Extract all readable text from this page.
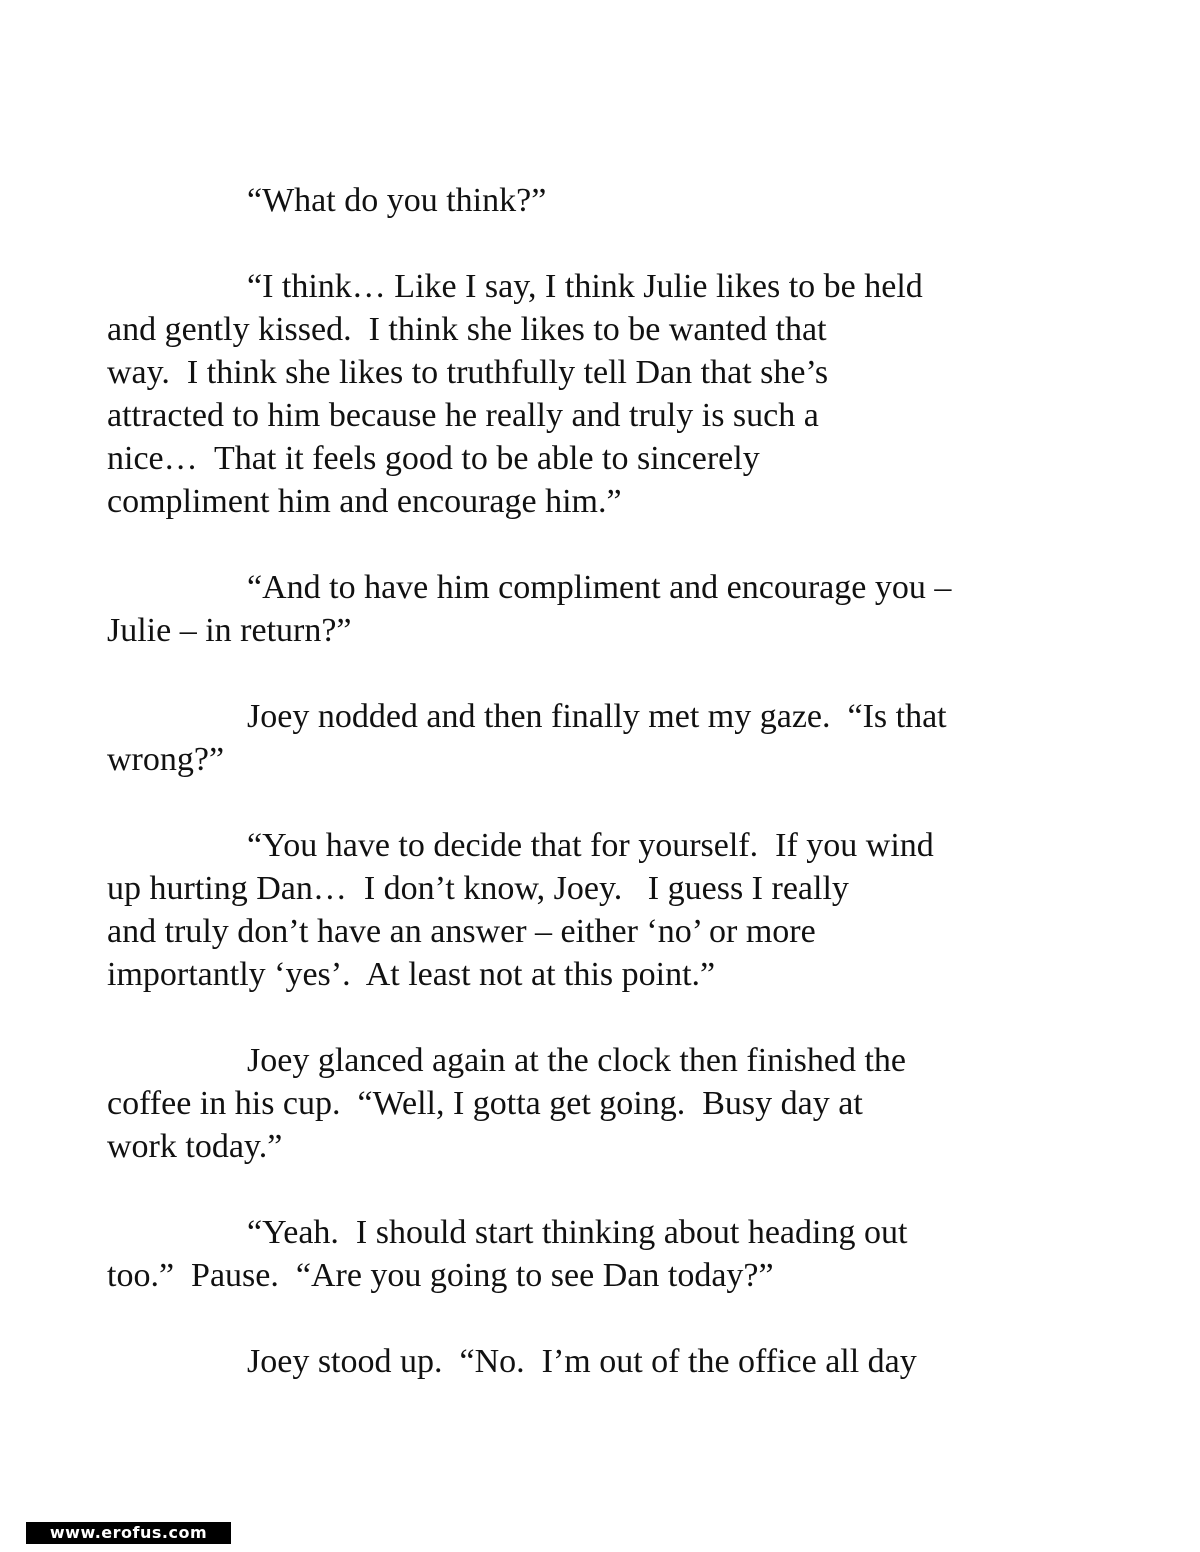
“What do you think?”

“I think… Like I say, I think Julie likes to be held
and gently kissed.  I think she likes to be wanted that
way.  I think she likes to truthfully tell Dan that she’s
attracted to him because he really and truly is such a
nice…  That it feels good to be able to sincerely
compliment him and encourage him.”

“And to have him compliment and encourage you –
Julie – in return?”

Joey nodded and then finally met my gaze.  “Is that
wrong?”

“You have to decide that for yourself.  If you wind
up hurting Dan…  I don’t know, Joey.   I guess I really
and truly don’t have an answer – either ‘no’ or more
importantly ‘yes’.  At least not at this point.”

Joey glanced again at the clock then finished the
coffee in his cup.  “Well, I gotta get going.  Busy day at
work today.”

“Yeah.  I should start thinking about heading out
too.”  Pause.  “Are you going to see Dan today?”

Joey stood up.  “No.  I’m out of the office all day

www.erofus.com
